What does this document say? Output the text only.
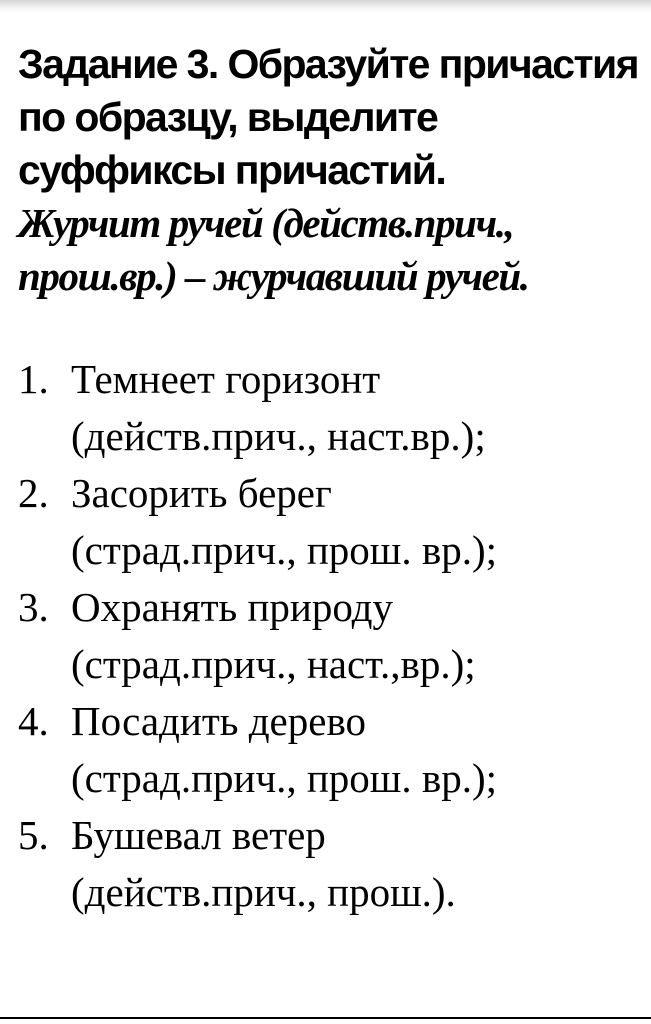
Задание 3. Образуйте причастия по образцу, выделите суффиксы причастий.

Журчит ручей (действ.прич., прош.вр.) – журчавший ручей.

1. Темнеет горизонт
(действ.прич., наст.вр.);
2. Засорить берег
(страд.прич., прош. вр.);
3. Охранять природу
(страд.прич., наст.,вр.);
4. Посадить дерево
(страд.прич., прош. вр.);
5. Бушевал ветер
(действ.прич., прош.).
